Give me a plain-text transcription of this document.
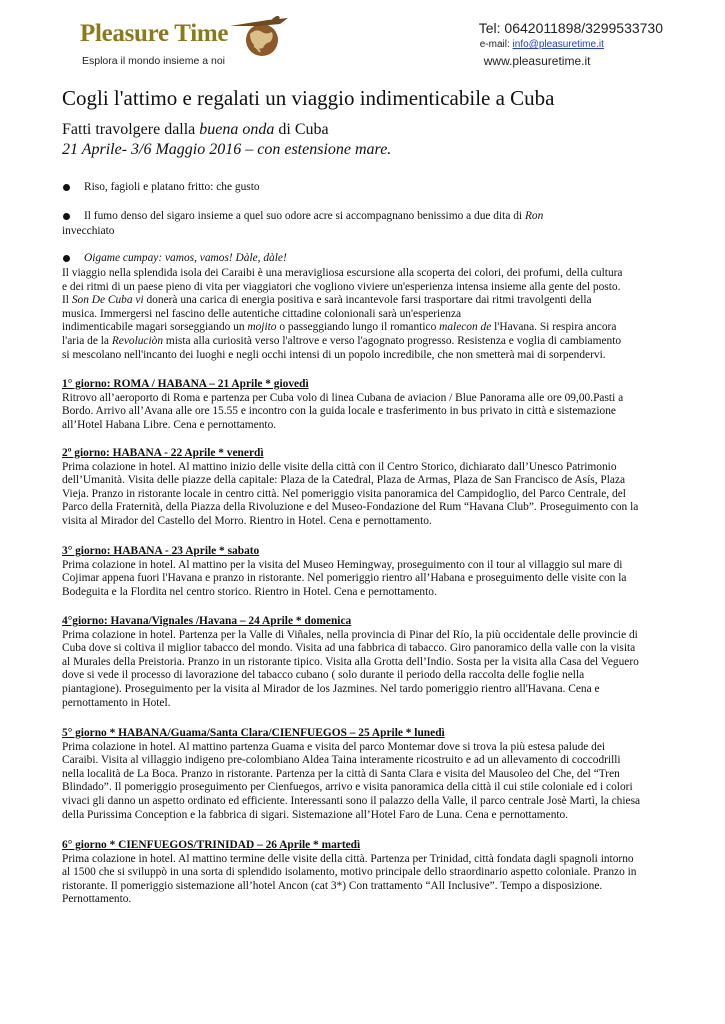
Pleasure Time
Esplora il mondo insieme a noi
Tel: 0642011898/3299533730
e-mail: info@pleasuretime.it
www.pleasuretime.it
Cogli l'attimo e regalati un viaggio indimenticabile a Cuba
Fatti travolgere dalla buena onda di Cuba
21 Aprile- 3/6 Maggio 2016 – con estensione mare.
Riso, fagioli e platano fritto: che gusto
Il fumo denso del sigaro insieme a quel suo odore acre si accompagnano benissimo a due dita di Ron
invecchiato
Oigame cumpay: vamos, vamos! Dàle, dàle!

Il viaggio nella splendida isola dei Caraibi è una meravigliosa escursione alla scoperta dei colori, dei profumi, della cultura

e dei ritmi di un paese pieno di vita per viaggiatori che vogliono viviere un'esperienza intensa insieme alla gente del posto.

Il Son De Cuba vi donerà una carica di energia positiva e sarà incantevole farsi trasportare dai ritmi travolgenti della

musica. Immergersi nel fascino delle autentiche cittadine colonionali sarà un'esperienza

indimenticabile magari sorseggiando un mojito o passeggiando lungo il romantico malecon de l'Havana. Si respira ancora

l'aria de la Revoluciòn mista alla curiosità verso l'altrove e verso l'agognato progresso. Resistenza e voglia di cambiamento

si mescolano nell'incanto dei luoghi e negli occhi intensi di un popolo incredibile, che non smetterà mai di sorpendervi.

1° giorno: ROMA / HABANA – 21 Aprile * giovedì

Ritrovo all’aeroporto di Roma e partenza per Cuba volo di linea Cubana de aviacion / Blue Panorama alle ore 09,00.Pasti a

Bordo. Arrivo all’Avana alle ore 15.55 e incontro con la guida locale e trasferimento in bus privato in città e sistemazione

all’Hotel Habana Libre. Cena e pernottamento.

2º giorno: HABANA - 22 Aprile * venerdì

Prima colazione in hotel. Al mattino inizio delle visite della città con il Centro Storico, dichiarato dall’Unesco Patrimonio

dell’Umanità. Visita delle piazze della capitale: Plaza de la Catedral, Plaza de Armas, Plaza de San Francisco de Asís, Plaza

Vieja. Pranzo in ristorante locale in centro città. Nel pomeriggio visita panoramica del Campidoglio, del Parco Centrale, del

Parco della Fraternità, della Piazza della Rivoluzione e del Museo-Fondazione del Rum “Havana Club”. Proseguimento con la

visita al Mirador del Castello del Morro. Rientro in Hotel. Cena e pernottamento.

3° giorno: HABANA - 23 Aprile * sabato

Prima colazione in hotel. Al mattino per la visita del Museo Hemingway, proseguimento con il tour al villaggio sul mare di

Cojimar appena fuori l'Havana e pranzo in ristorante. Nel pomeriggio rientro all’Habana e proseguimento delle visite con la

Bodeguita e la Flordita nel centro storico. Rientro in Hotel. Cena e pernottamento.

4°giorno: Havana/Vignales /Havana – 24 Aprile * domenica

Prima colazione in hotel. Partenza per la Valle di Viñales, nella provincia di Pinar del Río, la più occidentale delle provincie di

Cuba dove si coltiva il miglior tabacco del mondo. Visita ad una fabbrica di tabacco. Giro panoramico della valle con la visita

al Murales della Preistoria. Pranzo in un ristorante tipico. Visita alla Grotta dell’Indio. Sosta per la visita alla Casa del Veguero

dove si vede il processo di lavorazione del tabacco cubano ( solo durante il periodo della raccolta delle foglie nella

piantagione). Proseguimento per la visita al Mirador de los Jazmines. Nel tardo pomeriggio rientro all'Havana. Cena e

pernottamento in Hotel.

5° giorno * HABANA/Guama/Santa Clara/CIENFUEGOS – 25 Aprile * lunedì

Prima colazione in hotel. Al mattino partenza Guama e visita del parco Montemar dove si trova la più estesa palude dei

Caraibi. Visita al villaggio indigeno pre-colombiano Aldea Taina interamente ricostruito e ad un allevamento di coccodrilli

nella località de La Boca. Pranzo in ristorante. Partenza per la città di Santa Clara e visita del Mausoleo del Che, del “Tren

Blindado”. Il pomeriggio proseguimento per Cienfuegos, arrivo e visita panoramica della città il cui stile coloniale ed i colori

vivaci gli danno un aspetto ordinato ed efficiente. Interessanti sono il palazzo della Valle, il parco centrale Josè Martì, la chiesa

della Purissima Conception e la fabbrica di sigari. Sistemazione all’Hotel Faro de Luna. Cena e pernottamento.

6° giorno * CIENFUEGOS/TRINIDAD – 26 Aprile * martedì

Prima colazione in hotel. Al mattino termine delle visite della città. Partenza per Trinidad, città fondata dagli spagnoli intorno

al 1500 che si sviluppò in una sorta di splendido isolamento, motivo principale dello straordinario aspetto coloniale. Pranzo in

ristorante. Il pomeriggio sistemazione all’hotel Ancon (cat 3*) Con trattamento “All Inclusive”. Tempo a disposizione.

Pernottamento.
